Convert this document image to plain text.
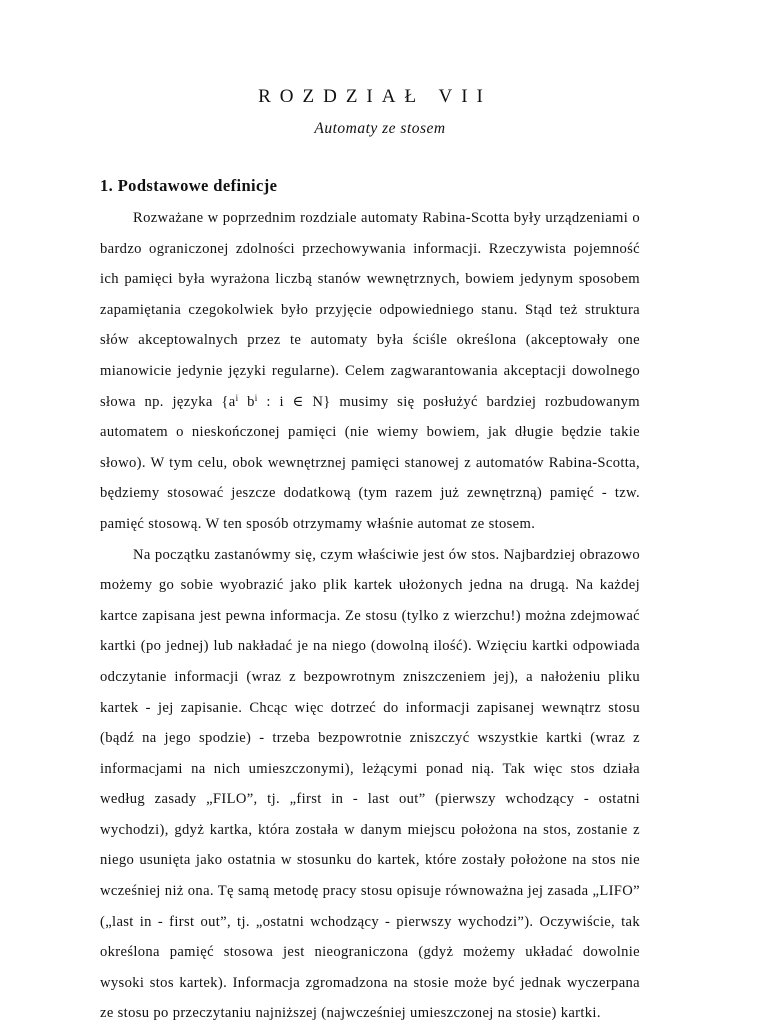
ROZDZIAŁ VII
Automaty ze stosem
1. Podstawowe definicje

Rozważane w poprzednim rozdziale automaty Rabina-Scotta były urządzeniami o bardzo ograniczonej zdolności przechowywania informacji. Rzeczywista pojemność ich pamięci była wyrażona liczbą stanów wewnętrznych, bowiem jedynym sposobem zapamiętania czegokolwiek było przyjęcie odpowiedniego stanu. Stąd też struktura słów akceptowalnych przez te automaty była ściśle określona (akceptowały one mianowicie jedynie języki regularne). Celem zagwarantowania akceptacji dowolnego słowa np. języka {$a^i$ $b^i$ : i ∈ N} musimy się posłużyć bardziej rozbudowanym automatem o nieskończonej pamięci (nie wiemy bowiem, jak długie będzie takie słowo). W tym celu, obok wewnętrznej pamięci stanowej z automatów Rabina-Scotta, będziemy stosować jeszcze dodatkową (tym razem już zewnętrzną) pamięć - tzw. pamięć stosową. W ten sposób otrzymamy właśnie automat ze stosem.

Na początku zastanówmy się, czym właściwie jest ów stos. Najbardziej obrazowo możemy go sobie wyobrazić jako plik kartek ułożonych jedna na drugą. Na każdej kartce zapisana jest pewna informacja. Ze stosu (tylko z wierzchu!) można zdejmować kartki (po jednej) lub nakładać je na niego (dowolną ilość). Wzięciu kartki odpowiada odczytanie informacji (wraz z bezpowrotnym zniszczeniem jej), a nałożeniu pliku kartek - jej zapisanie. Chcąc więc dotrzeć do informacji zapisanej wewnątrz stosu (bądź na jego spodzie) - trzeba bezpowrotnie zniszczyć wszystkie kartki (wraz z informacjami na nich umieszczonymi), leżącymi ponad nią. Tak więc stos działa według zasady „FILO”, tj. „first in - last out” (pierwszy wchodzący - ostatni wychodzi), gdyż kartka, która została w danym miejscu położona na stos, zostanie z niego usunięta jako ostatnia w stosunku do kartek, które zostały położone na stos nie wcześniej niż ona. Tę samą metodę pracy stosu opisuje równoważna jej zasada „LIFO” („last in - first out”, tj. „ostatni wchodzący - pierwszy wychodzi”). Oczywiście, tak określona pamięć stosowa jest nieograniczona (gdyż możemy układać dowolnie wysoki stos kartek). Informacja zgromadzona na stosie może być jednak wyczerpana ze stosu po przeczytaniu najniższej (najwcześniej umieszczonej na stosie) kartki.
